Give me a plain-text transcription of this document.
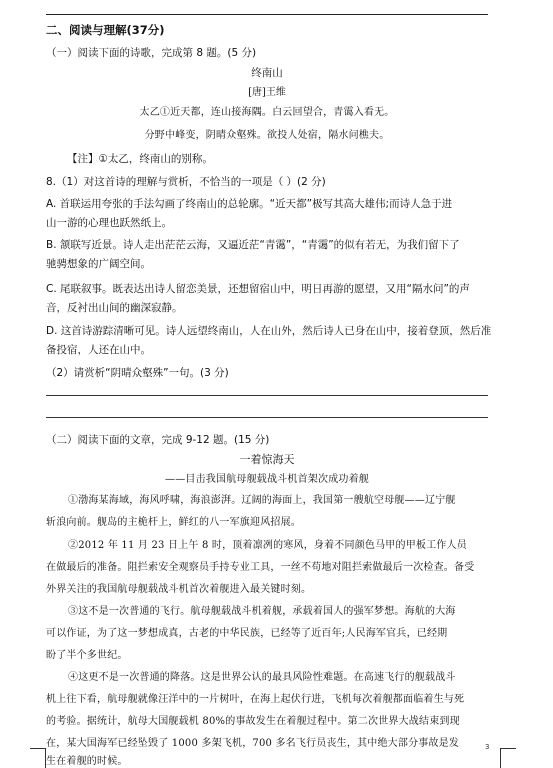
二、阅读与理解(37分)
（一）阅读下面的诗歌，完成第 8 题。(5 分)
终南山
[唐]王维
太乙①近天都，连山接海隅。白云回望合，青霭入看无。
分野中峰变，阴晴众壑殊。欲投人处宿，隔水问樵夫。
【注】①太乙，终南山的别称。
8.（1）对这首诗的理解与赏析，不恰当的一项是（ ）(2 分)
A. 首联运用夸张的手法勾画了终南山的总轮廓。“近天都”极写其高大雄伟;而诗人急于进
山一游的心理也跃然纸上。
B. 颔联写近景。诗人走出茫茫云海，又逼近茫“青霭”，“青霭”的似有若无，为我们留下了
驰骋想象的广阔空间。
C. 尾联叙事。既表达出诗人留恋美景，还想留宿山中，明日再游的愿望，又用“隔水问”的声
音，反衬出山间的幽深寂静。
D. 这首诗游踪清晰可见。诗人远望终南山，人在山外，然后诗人已身在山中，接着登顶，然后准
备投宿，人还在山中。
（2）请赏析“阴晴众壑殊”一句。(3 分)
（二）阅读下面的文章，完成 9-12 题。(15 分)
一着惊海天
——目击我国航母舰载战斗机首架次成功着舰
①渤海某海域，海风呼啸，海浪澎湃。辽阔的海面上，我国第一艘航空母舰——辽宁舰
斩浪向前。舰岛的主桅杆上，鲜红的八一军旗迎风招展。
②2012 年 11 月 23 日上午 8 时，顶着凛冽的寒风，身着不同颜色马甲的甲板工作人员
在做最后的准备。阻拦索安全观察员手持专业工具，一丝不苟地对阻拦索做最后一次检查。备受
外界关注的我国航母舰载战斗机首次着舰进入最关键时刻。
③这不是一次普通的飞行。航母舰载战斗机着舰，承载着国人的强军梦想。海航的大海
可以作证，为了这一梦想成真，古老的中华民族，已经等了近百年;人民海军官兵，已经期
盼了半个多世纪。
④这更不是一次普通的降落。这是世界公认的最具风险性难题。在高速飞行的舰载战斗
机上往下看，航母舰就像汪洋中的一片树叶，在海上起伏行进，飞机每次着舰都面临着生与死
的考验。据统计，航母大国舰载机 80%的事故发生在着舰过程中。第二次世界大战结束到现
在，某大国海军已经坠毁了 1000 多架飞机，700 多名飞行员丧生，其中绝大部分事故是发
生在着舰的时候。
3
